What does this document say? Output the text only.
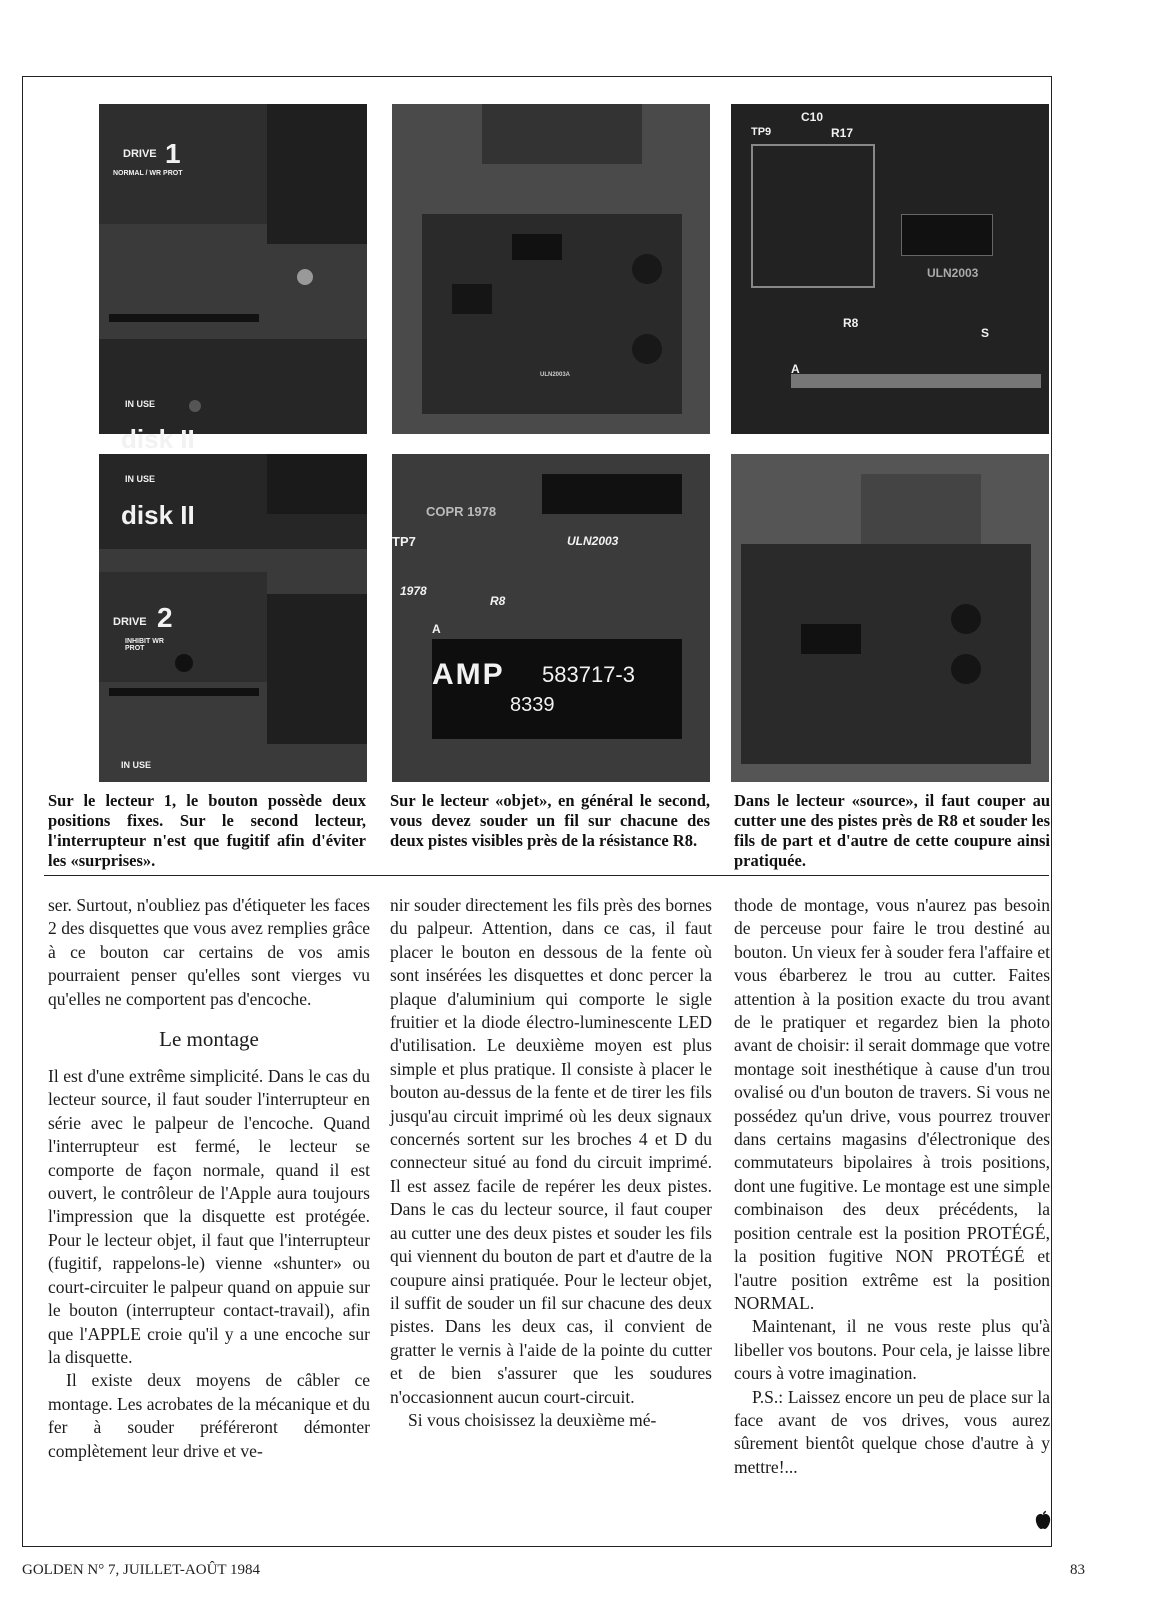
DRIVE 1
NORMAL / WR PROT
IN USE
disk II
ULN2003A
C10
R17
TP9
R8
ULN2003
A
S
IN USE
disk II
DRIVE 2
INHIBIT WR PROT
IN USE
COPR 1978
TP7	ULN2003
1978
R8
A
AMP 583717-3
8339
Sur le lecteur 1, le bouton possède deux positions fixes. Sur le second lecteur, l'interrupteur n'est que fugitif afin d'éviter les «surprises».
Sur le lecteur «objet», en général le second, vous devez souder un fil sur chacune des deux pistes visibles près de la résistance R8.
Dans le lecteur «source», il faut couper au cutter une des pistes près de R8 et souder les fils de part et d'autre de cette coupure ainsi pratiquée.

ser. Surtout, n'oubliez pas d'étiqueter les faces 2 des disquettes que vous avez remplies grâce à ce bouton car certains de vos amis pourraient penser qu'elles sont vierges vu qu'elles ne comportent pas d'encoche.

Le montage

Il est d'une extrême simplicité. Dans le cas du lecteur source, il faut souder l'interrupteur en série avec le palpeur de l'encoche. Quand l'interrupteur est fermé, le lecteur se comporte de façon normale, quand il est ouvert, le contrôleur de l'Apple aura toujours l'impression que la disquette est protégée. Pour le lecteur objet, il faut que l'interrupteur (fugitif, rappelons-le) vienne «shunter» ou court-circuiter le palpeur quand on appuie sur le bouton (interrupteur contact-travail), afin que l'APPLE croie qu'il y a une encoche sur la disquette.

Il existe deux moyens de câbler ce montage. Les acrobates de la mécanique et du fer à souder préféreront démonter complètement leur drive et ve-

nir souder directement les fils près des bornes du palpeur. Attention, dans ce cas, il faut placer le bouton en dessous de la fente où sont insérées les disquettes et donc percer la plaque d'aluminium qui comporte le sigle fruitier et la diode électro-luminescente LED d'utilisation. Le deuxième moyen est plus simple et plus pratique. Il consiste à placer le bouton au-dessus de la fente et de tirer les fils jusqu'au circuit imprimé où les deux signaux concernés sortent sur les broches 4 et D du connecteur situé au fond du circuit imprimé. Il est assez facile de repérer les deux pistes. Dans le cas du lecteur source, il faut couper au cutter une des deux pistes et souder les fils qui viennent du bouton de part et d'autre de la coupure ainsi pratiquée. Pour le lecteur objet, il suffit de souder un fil sur chacune des deux pistes. Dans les deux cas, il convient de gratter le vernis à l'aide de la pointe du cutter et de bien s'assurer que les soudures n'occasionnent aucun court-circuit.

Si vous choisissez la deuxième mé-

thode de montage, vous n'aurez pas besoin de perceuse pour faire le trou destiné au bouton. Un vieux fer à souder fera l'affaire et vous ébarberez le trou au cutter. Faites attention à la position exacte du trou avant de le pratiquer et regardez bien la photo avant de choisir: il serait dommage que votre montage soit inesthétique à cause d'un trou ovalisé ou d'un bouton de travers. Si vous ne possédez qu'un drive, vous pourrez trouver dans certains magasins d'électronique des commutateurs bipolaires à trois positions, dont une fugitive. Le montage est une simple combinaison des deux précédents, la position centrale est la position PROTÉGÉ, la position fugitive NON PROTÉGÉ et l'autre position extrême est la position NORMAL.

Maintenant, il ne vous reste plus qu'à libeller vos boutons. Pour cela, je laisse libre cours à votre imagination.

P.S.: Laissez encore un peu de place sur la face avant de vos drives, vous aurez sûrement bientôt quelque chose d'autre à y mettre!...

GOLDEN N° 7, JUILLET-AOÛT 1984	83
